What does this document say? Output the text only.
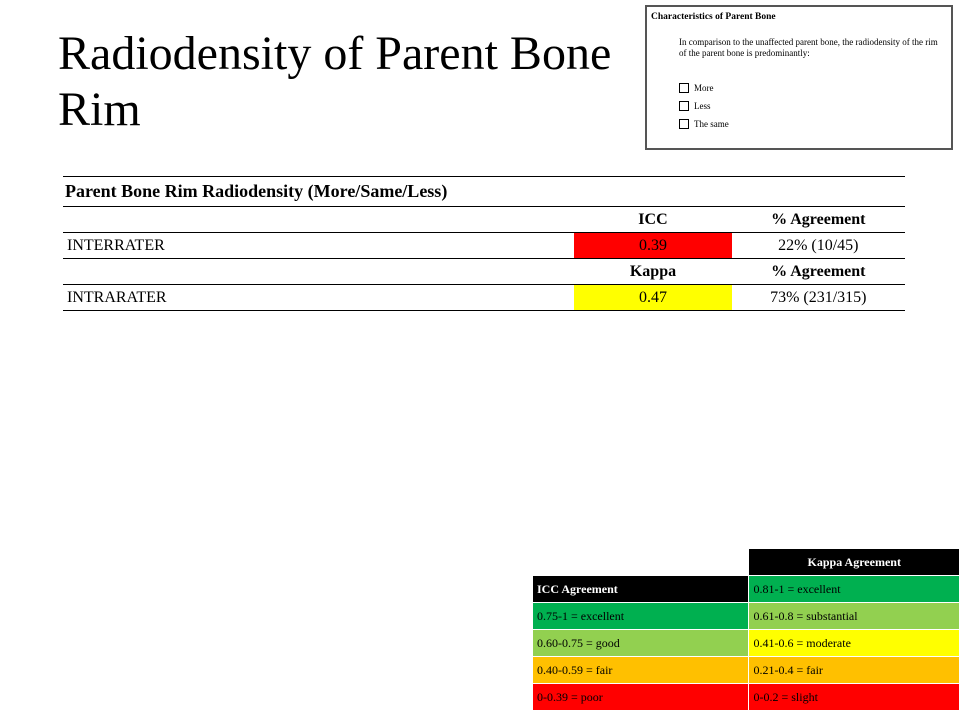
Radiodensity of Parent Bone Rim
Characteristics of Parent Bone
In comparison to the unaffected parent bone, the radiodensity of the rim of the parent bone is predominantly:
More
Less
The same
Parent Bone Rim Radiodensity (More/Same/Less)		
	ICC	% Agreement
INTERRATER	0.39	22% (10/45)
	Kappa	% Agreement
INTRARATER	0.47	73% (231/315)
	Kappa Agreement
ICC Agreement	0.81-1 = excellent
0.75-1 = excellent	0.61-0.8 = substantial
0.60-0.75 = good	0.41-0.6 = moderate
0.40-0.59 = fair	0.21-0.4 = fair
0-0.39 = poor	0-0.2 = slight
